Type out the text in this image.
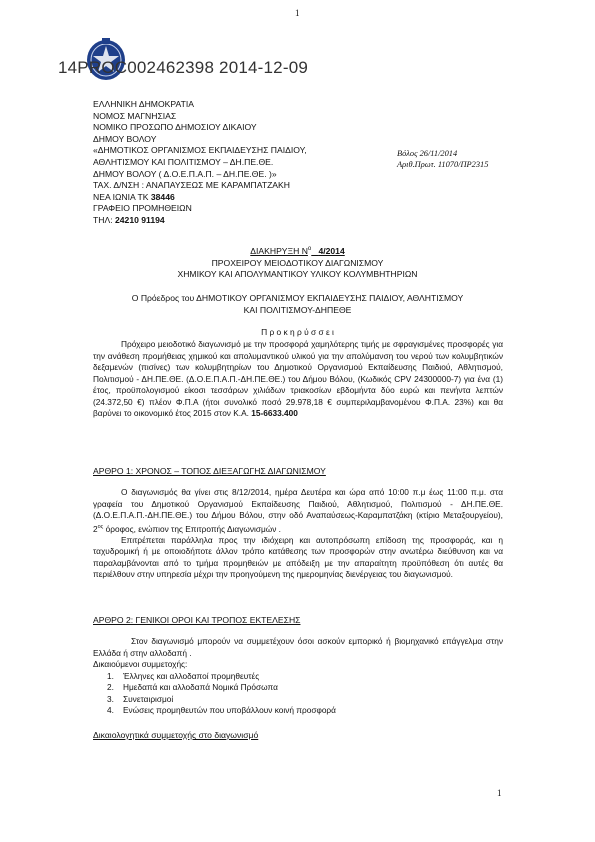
1
14PROC002462398 2014-12-09
ΕΛΛΗΝΙΚΗ ΔΗΜΟΚΡΑΤΙΑ
ΝΟΜΟΣ ΜΑΓΝΗΣΙΑΣ
ΝΟΜΙΚΟ ΠΡΟΣΩΠΟ ΔΗΜΟΣΙΟΥ ΔΙΚΑΙΟΥ
ΔΗΜΟΥ ΒΟΛΟΥ
«ΔΗΜΟΤΙΚΟΣ ΟΡΓΑΝΙΣΜΟΣ ΕΚΠΑΙΔΕΥΣΗΣ ΠΑΙΔΙΟΥ,
ΑΘΛΗΤΙΣΜΟΥ ΚΑΙ ΠΟΛΙΤΙΣΜΟΥ – ΔΗ.ΠΕ.ΘΕ.
ΔΗΜΟΥ ΒΟΛΟΥ ( Δ.Ο.Ε.Π.Α.Π. – ΔΗ.ΠΕ.ΘΕ. )»
ΤΑΧ. Δ/ΝΣΗ : ΑΝΑΠΑΥΣΕΩΣ ΜΕ ΚΑΡΑΜΠΑΤΖΑΚΗ
ΝΕΑ ΙΩΝΙΑ ΤΚ 38446
ΓΡΑΦΕΙΟ ΠΡΟΜΗΘΕΙΩΝ
ΤΗΛ: 24210 91194
Βόλος 26/11/2014
Αριθ.Πρωτ. 11070/ΠΡ2315
ΔΙΑΚΗΡΥΞΗ $N^o$ 4/2014
ΠΡΟΧΕΙΡΟΥ ΜΕΙΟΔΟΤΙΚΟΥ ΔΙΑΓΩΝΙΣΜΟΥ
ΧΗΜΙΚΟΥ ΚΑΙ ΑΠΟΛΥΜΑΝΤΙΚΟΥ ΥΛΙΚΟΥ ΚΟΛΥΜΒΗΤΗΡΙΩΝ
Ο Πρόεδρος του ΔΗΜΟΤΙΚΟΥ ΟΡΓΑΝΙΣΜΟΥ ΕΚΠΑΙΔΕΥΣΗΣ ΠΑΙΔΙΟΥ, ΑΘΛΗΤΙΣΜΟΥ
ΚΑΙ ΠΟΛΙΤΙΣΜΟΥ-ΔΗΠΕΘΕ
Π ρ ο κ η ρ ύ σ σ ε ι

Πρόχειρο μειοδοτικό διαγωνισμό με την προσφορά χαμηλότερης τιμής με σφραγισμένες προσφορές για την ανάθεση προμήθειας χημικού και απολυμαντικού υλικού για την απολύμανση του νερού των κολυμβητικών δεξαμενών (πισίνες) των κολυμβητηρίων του Δημοτικού Οργανισμού Εκπαίδευσης Παιδιού, Αθλητισμού, Πολιτισμού - ΔΗ.ΠΕ.ΘΕ. (Δ.Ο.Ε.Π.Α.Π.-ΔΗ.ΠΕ.ΘΕ.) του Δήμου Βόλου, (Κωδικός CPV 24300000-7) για ένα (1) έτος, προϋπολογισμού είκοσι τεσσάρων χιλιάδων τριακοσίων εβδομήντα δύο ευρώ και πενήντα λεπτών (24.372,50 €) πλέον Φ.Π.Α (ήτοι συνολικό ποσό 29.978,18 € συμπεριλαμβανομένου Φ.Π.Α. 23%) και θα βαρύνει το οικονομικό έτος 2015 στον Κ.Α. 15-6633.400

ΑΡΘΡΟ 1: ΧΡΟΝΟΣ – ΤΟΠΟΣ ΔΙΕΞΑΓΩΓΗΣ ΔΙΑΓΩΝΙΣΜΟΥ

Ο διαγωνισμός θα γίνει στις 8/12/2014, ημέρα Δευτέρα και ώρα από 10:00 π.μ έως 11:00 π.μ. στα γραφεία του Δημοτικού Οργανισμού Εκπαίδευσης Παιδιού, Αθλητισμού, Πολιτισμού - ΔΗ.ΠΕ.ΘΕ. (Δ.Ο.Ε.Π.Α.Π.-ΔΗ.ΠΕ.ΘΕ.) του Δήμου Βόλου, στην οδό Αναπαύσεως-Καραμπατζάκη (κτίριο Μεταξουργείου), $2^{o\varsigma}$ όροφος, ενώπιον της Επιτροπής Διαγωνισμών .

Επιτρέπεται παράλληλα προς την ιδιόχειρη και αυτοπρόσωπη επίδοση της προσφοράς, και η ταχυδρομική ή με οποιοδήποτε άλλον τρόπο κατάθεσης των προσφορών στην ανωτέρω διεύθυνση και να παραλαμβάνονται από το τμήμα προμηθειών με απόδειξη με την απαραίτητη προϋπόθεση ότι αυτές θα περιέλθουν στην υπηρεσία μέχρι την προηγούμενη της ημερομηνίας διενέργειας του διαγωνισμού.

ΑΡΘΡΟ 2: ΓΕΝΙΚΟΙ ΟΡΟΙ ΚΑΙ ΤΡΟΠΟΣ ΕΚΤΕΛΕΣΗΣ

Στον διαγωνισμό μπορούν να συμμετέχουν όσοι ασκούν εμπορικό ή βιομηχανικό επάγγελμα στην Ελλάδα ή στην αλλοδαπή .

Δικαιούμενοι συμμετοχής:
1. Έλληνες και αλλοδαποί προμηθευτές
2. Ημεδαπά και αλλοδαπά Νομικά Πρόσωπα
3. Συνεταιρισμοί
4. Ενώσεις προμηθευτών που υποβάλλουν κοινή προσφορά
Δικαιολογητικά συμμετοχής στο διαγωνισμό
1
